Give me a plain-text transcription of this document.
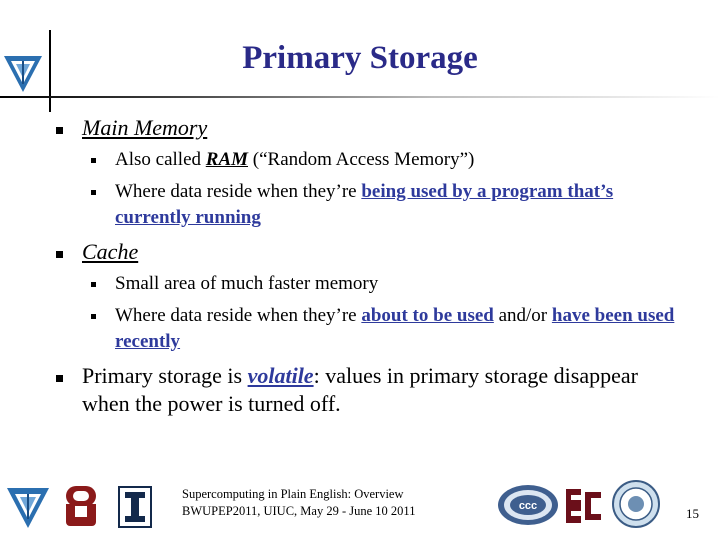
Primary Storage
Main Memory
Also called RAM (“Random Access Memory”)
Where data reside when they’re being used by a program that’s currently running
Cache
Small area of much faster memory
Where data reside when they’re about to be used and/or have been used recently
Primary storage is volatile: values in primary storage disappear when the power is turned off.
Supercomputing in Plain English: Overview
BWUPEP2011, UIUC, May 29 - June 10 2011	ccc	15
